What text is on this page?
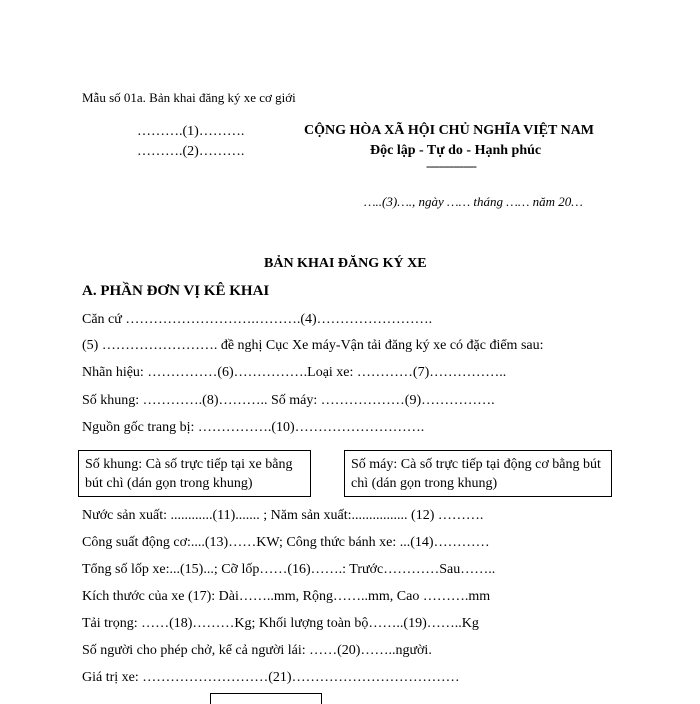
Mẫu số 01a. Bản khai đăng ký xe cơ giới
……….(1)……….
……….(2)……….
CỘNG HÒA XÃ HỘI CHỦ NGHĨA VIỆT NAM
Độc lập - Tự do - Hạnh phúc
---------------
…..(3)…., ngày …… tháng …… năm 20…
BẢN KHAI ĐĂNG KÝ XE
A. PHẦN ĐƠN VỊ KÊ KHAI
Căn cứ ……………………….……….(4)…………………….
(5) ……………………. đề nghị Cục Xe máy-Vận tải đăng ký xe có đặc điểm sau:
Nhãn hiệu: ……………(6)…………….Loại xe: …………(7)……………..
Số khung: ………….(8)……….. Số máy: ………………(9)…………….
Nguồn gốc trang bị: …………….(10)……………………….
Số khung: Cà số trực tiếp tại xe bằng bút chì (dán gọn trong khung)
Số máy: Cà số trực tiếp tại động cơ bằng bút chì (dán gọn trong khung)
Nước sản xuất: ............(11)....... ; Năm sản xuất:................ (12) ……….
Công suất động cơ:....(13)……KW; Công thức bánh xe: ...(14)…………
Tổng số lốp xe:...(15)...; Cỡ lốp……(16)…….: Trước…………Sau……..
Kích thước của xe (17): Dài……..mm, Rộng……..mm, Cao ……….mm
Tải trọng: ……(18)………Kg; Khối lượng toàn bộ……..(19)……..Kg
Số người cho phép chở, kể cả người lái: ……(20)……..người.
Giá trị xe: ………………………(21)………………………………
